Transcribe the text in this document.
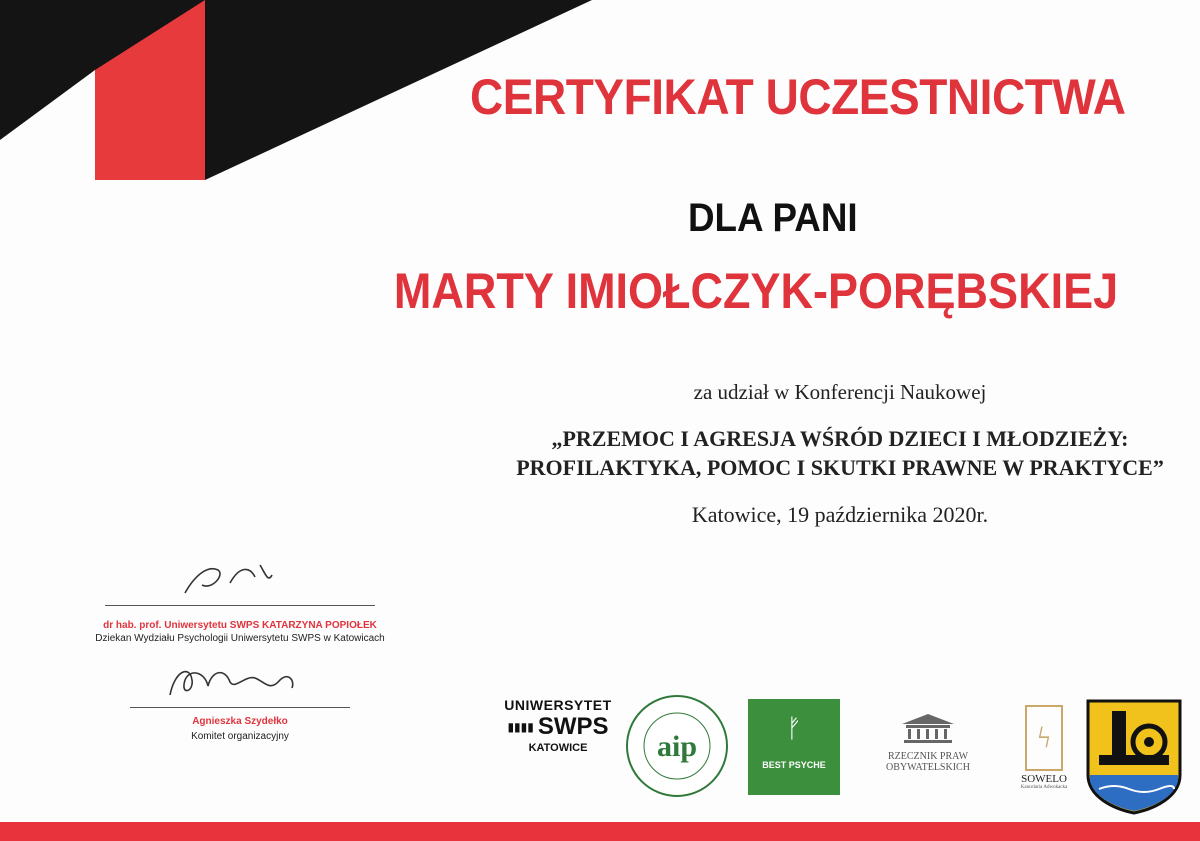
CERTYFIKAT UCZESTNICTWA
DLA PANI
MARTY IMIOŁCZYK-PORĘBSKIEJ
za udział w Konferencji Naukowej
„PRZEMOC I AGRESJA WŚRÓD DZIECI I MŁODZIEŻY:
PROFILAKTYKA, POMOC I SKUTKI PRAWNE W PRAKTYCE”
Katowice, 19 października 2020r.
dr hab. prof. Uniwersytetu SWPS KATARZYNA POPIOŁEK
Dziekan Wydziału Psychologii Uniwersytetu SWPS w Katowicach
Agnieszka Szydełko
Komitet organizacyjny
UNIWERSYTET
▮▮▮▮ SWPS
KATOWICE	aip
ᚠ
BEST PSYCHE
RZECZNIK PRAW OBYWATELSKICH
ϟ
SOWELO
Kancelaria Adwokacka
